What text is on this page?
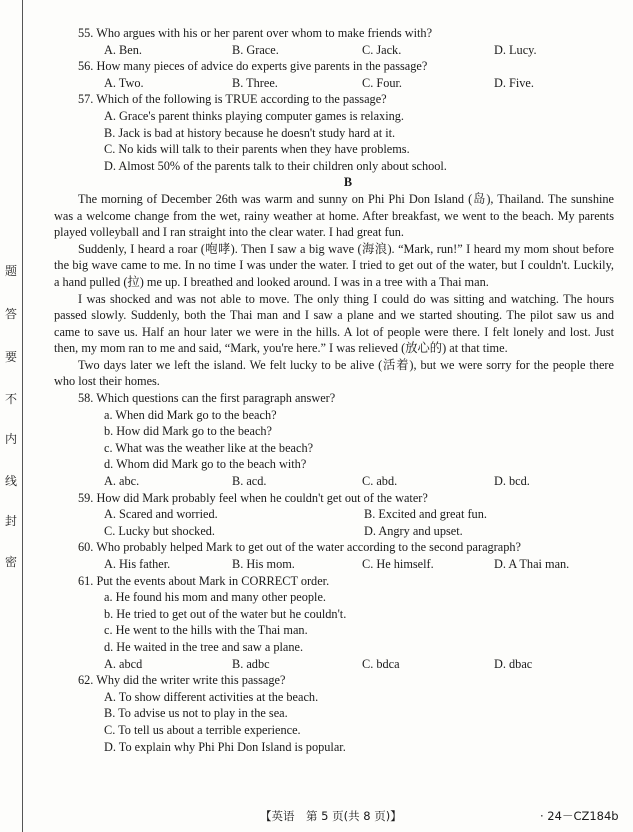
题
答
要
不
内
线
封
密
55. Who argues with his or her parent over whom to make friends with?
A. Ben.	B. Grace.	C. Jack.	D. Lucy.
56. How many pieces of advice do experts give parents in the passage?
A. Two.	B. Three.	C. Four.	D. Five.
57. Which of the following is TRUE according to the passage?
A. Grace's parent thinks playing computer games is relaxing.
B. Jack is bad at history because he doesn't study hard at it.
C. No kids will talk to their parents when they have problems.
D. Almost 50% of the parents talk to their children only about school.
B

The morning of December 26th was warm and sunny on Phi Phi Don Island (岛), Thailand. The sunshine was a welcome change from the wet, rainy weather at home. After breakfast, we went to the beach. My parents played volleyball and I ran straight into the clear water. I had great fun.

Suddenly, I heard a roar (咆哮). Then I saw a big wave (海浪). “Mark, run!” I heard my mom shout before the big wave came to me. In no time I was under the water. I tried to get out of the water, but I couldn't. Luckily, a hand pulled (拉) me up. I breathed and looked around. I was in a tree with a Thai man.

I was shocked and was not able to move. The only thing I could do was sitting and watching. The hours passed slowly. Suddenly, both the Thai man and I saw a plane and we started shouting. The pilot saw us and came to save us. Half an hour later we were in the hills. A lot of people were there. I felt lonely and lost. Just then, my mom ran to me and said, “Mark, you're here.” I was relieved (放心的) at that time.

Two days later we left the island. We felt lucky to be alive (活着), but we were sorry for the people there who lost their homes.

58. Which questions can the first paragraph answer?
a. When did Mark go to the beach?
b. How did Mark go to the beach?
c. What was the weather like at the beach?
d. Whom did Mark go to the beach with?
A. abc.	B. acd.	C. abd.	D. bcd.
59. How did Mark probably feel when he couldn't get out of the water?
A. Scared and worried.	B. Excited and great fun.
C. Lucky but shocked.	D. Angry and upset.
60. Who probably helped Mark to get out of the water according to the second paragraph?
A. His father.	B. His mom.	C. He himself.	D. A Thai man.
61. Put the events about Mark in CORRECT order.
a. He found his mom and many other people.
b. He tried to get out of the water but he couldn't.
c. He went to the hills with the Thai man.
d. He waited in the tree and saw a plane.
A. abcd	B. adbc	C. bdca	D. dbac
62. Why did the writer write this passage?
A. To show different activities at the beach.
B. To advise us not to play in the sea.
C. To tell us about a terrible experience.
D. To explain why Phi Phi Don Island is popular.
【英语　第 5 页(共 8 页)】	· 24－CZ184b
